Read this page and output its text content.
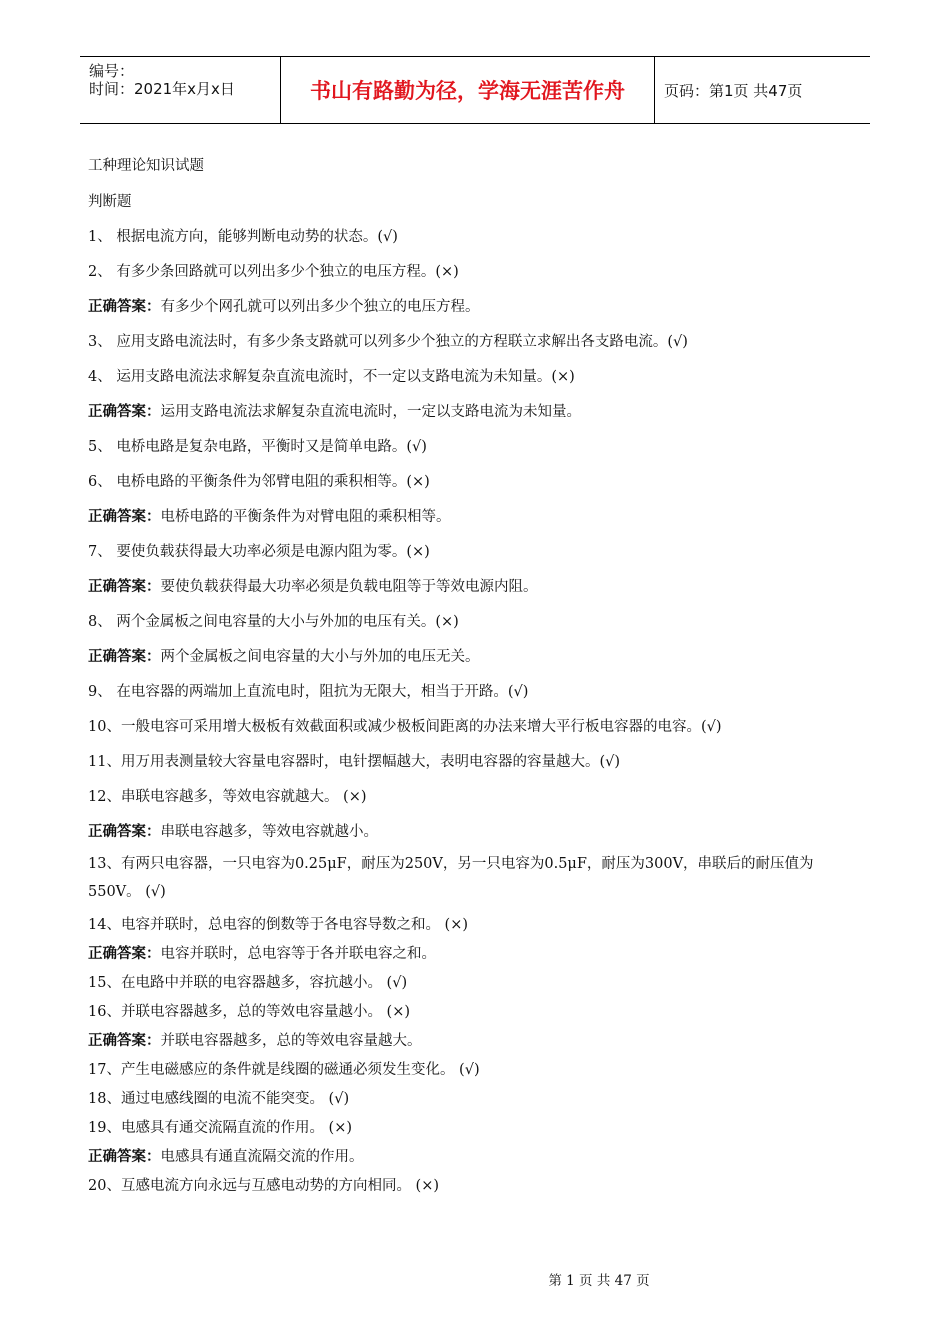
编号：
时间：2021年x月x日	书山有路勤为径，学海无涯苦作舟	页码：第1页 共47页
工种理论知识试题
判断题
1、 根据电流方向，能够判断电动势的状态。(√)
2、 有多少条回路就可以列出多少个独立的电压方程。(×)
正确答案：有多少个网孔就可以列出多少个独立的电压方程。
3、 应用支路电流法时，有多少条支路就可以列多少个独立的方程联立求解出各支路电流。(√)
4、 运用支路电流法求解复杂直流电流时，不一定以支路电流为未知量。(×)
正确答案：运用支路电流法求解复杂直流电流时，一定以支路电流为未知量。
5、 电桥电路是复杂电路，平衡时又是简单电路。(√)
6、 电桥电路的平衡条件为邻臂电阻的乘积相等。(×)
正确答案：电桥电路的平衡条件为对臂电阻的乘积相等。
7、 要使负载获得最大功率必须是电源内阻为零。(×)
正确答案：要使负载获得最大功率必须是负载电阻等于等效电源内阻。
8、 两个金属板之间电容量的大小与外加的电压有关。(×)
正确答案：两个金属板之间电容量的大小与外加的电压无关。
9、 在电容器的两端加上直流电时，阻抗为无限大，相当于开路。(√)
10、一般电容可采用增大极板有效截面积或减少极板间距离的办法来增大平行板电容器的电容。(√)
11、用万用表测量较大容量电容器时，电针摆幅越大，表明电容器的容量越大。(√)
12、串联电容越多，等效电容就越大。 (×)
正确答案：串联电容越多，等效电容就越小。
13、有两只电容器，一只电容为0.25μF，耐压为250V，另一只电容为0.5μF，耐压为300V，串联后的耐压值为550V。 (√)
14、电容并联时，总电容的倒数等于各电容导数之和。 (×)
正确答案：电容并联时，总电容等于各并联电容之和。
15、在电路中并联的电容器越多，容抗越小。 (√)
16、并联电容器越多，总的等效电容量越小。 (×)
正确答案：并联电容器越多，总的等效电容量越大。
17、产生电磁感应的条件就是线圈的磁通必须发生变化。 (√)
18、通过电感线圈的电流不能突变。 (√)
19、电感具有通交流隔直流的作用。 (×)
正确答案：电感具有通直流隔交流的作用。
20、互感电流方向永远与互感电动势的方向相同。 (×)
第 1 页 共 47 页
